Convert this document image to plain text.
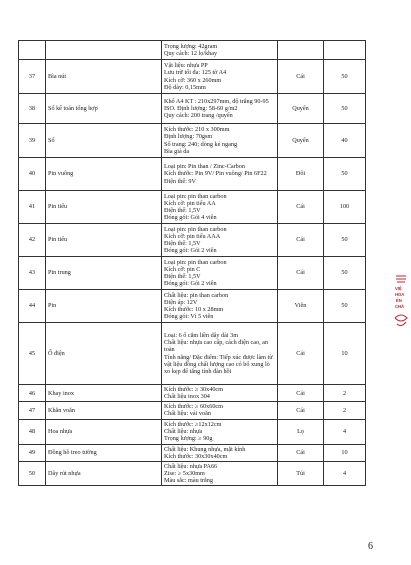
		Trọng lượng: 42gram
Quy cách: 12 lọ/khay		

37	Bìa nút	Vật liệu: nhựa PP
Lưu trữ tối đa: 125 tờ A4
Kích cỡ: 360 x 260mm
Độ dày: 0,15mm	Cái	50
38	Sổ kế toán tổng hợp	Khổ A4 KT : 210x297mm, độ trắng 90-95 ISO. Định lượng: 58-60 g/m2
Quy cách: 200 trang /quyển	Quyển	50
39	Sổ	Kích thước: 210 x 300mm
Định lượng: 70gsm
Số trang: 240; dòng kẻ ngang
Bìa giả da	Quyển	40
40	Pin vuông	Loại pin: Pin than / Zinc-Carbon
Kích thước: Pin 9V/ Pin vuông/ Pin 6F22
Điện thế: 9V	Đôi	50
41	Pin tiểu	Loại pin: pin than carbon
Kích cỡ: pin tiểu AA
Điện thế: 1,5V
Đóng gói: Gói 4 viên	Cái	100
42	Pin tiểu	Loại pin: pin than carbon
Kích cỡ: pin tiểu AAA
Điện thế: 1,5V
Đóng gói: Gói 2 viên	Cái	50
43	Pin trung	Loại pin: pin than carbon
Kích cỡ: pin C
Điện thế: 1,5V
Đóng gói: Gói 2 viên	Cái	50
44	Pin	Chất liệu: pin than carbon
Điện áp: 12V
Kích thước: 10 x 28mm
Đóng gói: Vỉ 5 viên	Viên	50
45	Ổ điện	Loại: 6 ổ cắm liền dây dài 3m
Chất liệu: nhựa cao cấp, cách điện cao, an toàn
Tính năng/ Đặc điểm: Tiếp xúc được làm từ vật liệu đồng chất lượng cao có bổ xung lò xo kẹp để tăng tính đàn hồi	Cái	10
46	Khay inox	Kích thước: ≥ 30x40cm
Chất liệu inox 304	Cái	2
47	Khăn voăn	Kích thước: ≥ 60x60cm
Chất liệu: vải voăn	Cái	2
48	Hoa nhựa	Kích thước: ≥12x12cm
Chất liệu: nhựa
Trọng lượng: ≥ 90g	Lọ	4
49	Đồng hồ treo tường	Chất liệu: Khung nhựa, mặt kính
Kích thước: 30x30x40cm	Cái	10
50	Dây rút nhựa	Chất liệu: nhựa PA66
Zise: ≥ 5x30mm
Màu sắc: màu trắng	Túi	4
VIỆ
HOA
ÉN
CHĂ
6
